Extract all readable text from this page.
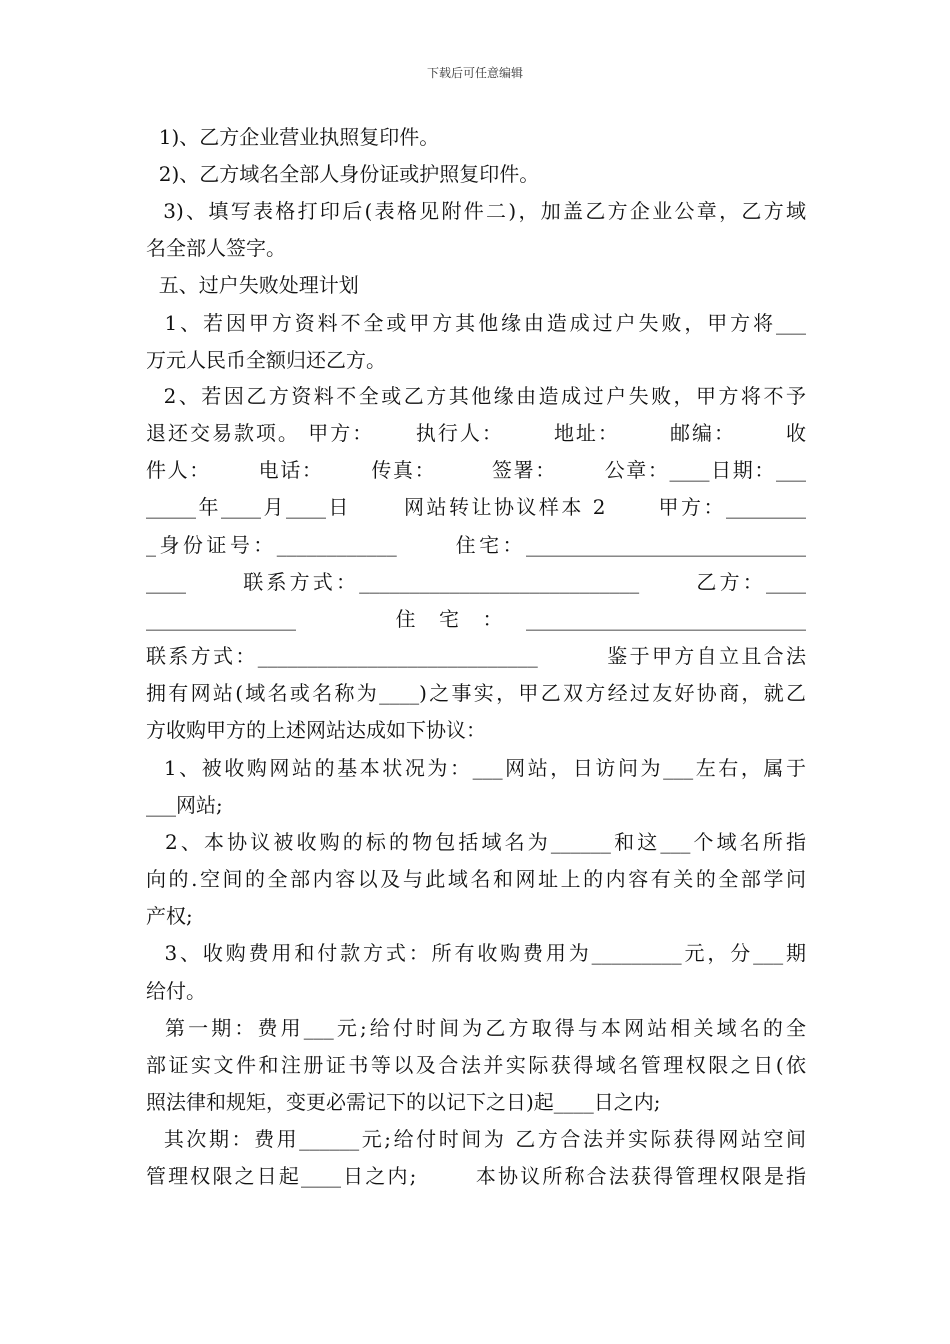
下载后可任意编辑
1)、乙方企业营业执照复印件。
2)、乙方域名全部人身份证或护照复印件。
3)、填写表格打印后(表格见附件二)，加盖乙方企业公章，乙方域
名全部人签字。
五、过户失败处理计划
1、若因甲方资料不全或甲方其他缘由造成过户失败，甲方将___
万元人民币全额归还乙方。
2、若因乙方资料不全或乙方其他缘由造成过户失败，甲方将不予
退还交易款项。 甲方：     执行人：      地址：      邮编：      收
件人：      电话：      传真：       签署：      公章：____日期：___
_____年____月____日      网站转让协议样本 2      甲方：________
_身份证号：____________      住宅：____________________________
____      联系方式：____________________________      乙方：____
_______________          住  宅  ：  ____________________________
联系方式：____________________________        鉴于甲方自立且合法
拥有网站(域名或名称为____)之事实，甲乙双方经过友好协商，就乙
方收购甲方的上述网站达成如下协议：
1、被收购网站的基本状况为：___网站，日访问为___左右，属于
___网站;
2、本协议被收购的标的物包括域名为______和这___个域名所指
向的.空间的全部内容以及与此域名和网址上的内容有关的全部学问
产权;
3、收购费用和付款方式：所有收购费用为_________元，分___期
给付。
第一期：费用___元;给付时间为乙方取得与本网站相关域名的全
部证实文件和注册证书等以及合法并实际获得域名管理权限之日(依
照法律和规矩，变更必需记下的以记下之日)起____日之内;
其次期：费用______元;给付时间为 乙方合法并实际获得网站空间
管理权限之日起____日之内;       本协议所称合法获得管理权限是指
